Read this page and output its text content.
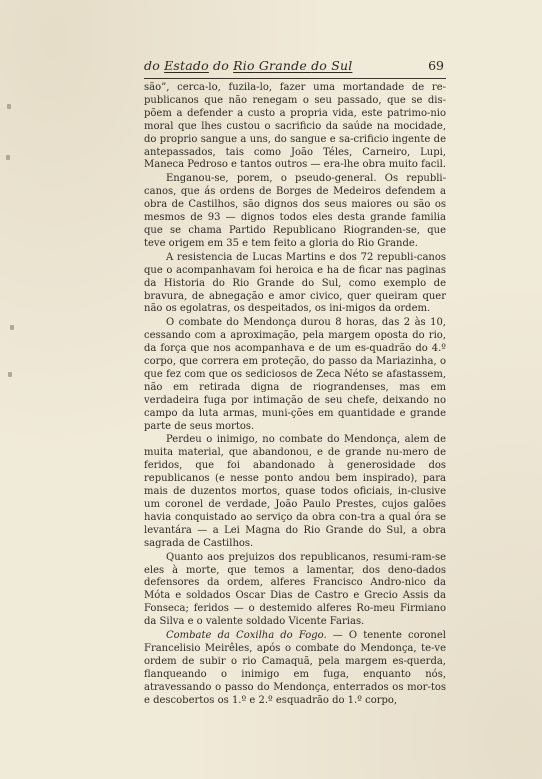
do Estado do Rio Grande do Sul	69

são”, cerca-lo, fuzila-lo, fazer uma mortandade de re-publicanos que não renegam o seu passado, que se dis-põem a defender a custo a propria vida, este patrimo-nio moral que lhes custou o sacrificio da saúde na mocidade, do proprio sangue a uns, do sangue e sa-crificio ingente de antepassados, tais como João Téles, Carneiro, Lupi, Maneca Pedroso e tantos outros — era-lhe obra muito facil.

Enganou-se, porem, o pseudo-general. Os republi-canos, que ás ordens de Borges de Medeiros defendem a obra de Castilhos, são dignos dos seus maiores ou são os mesmos de 93 — dignos todos eles desta grande familia que se chama Partido Republicano Riogranden-se, que teve origem em 35 e tem feito a gloria do Rio Grande.

A resistencia de Lucas Martins e dos 72 republi-canos que o acompanhavam foi heroica e ha de ficar nas paginas da Historia do Rio Grande do Sul, como exemplo de bravura, de abnegação e amor civico, quer queiram quer não os egolatras, os despeitados, os ini-migos da ordem.

O combate do Mendonça durou 8 horas, das 2 às 10, cessando com a aproximação, pela margem oposta do rio, da força que nos acompanhava e de um es-quadrão do 4.º corpo, que correra em proteção, do passo da Mariazinha, o que fez com que os sediciosos de Zeca Néto se afastassem, não em retirada digna de riograndenses, mas em verdadeira fuga por intimação de seu chefe, deixando no campo da luta armas, muni-ções em quantidade e grande parte de seus mortos.

Perdeu o inimigo, no combate do Mendonça, alem de muita material, que abandonou, e de grande nu-mero de feridos, que foi abandonado à generosidade dos republicanos (e nesse ponto andou bem inspirado), para mais de duzentos mortos, quase todos oficiais, in-clusive um coronel de verdade, João Paulo Prestes, cujos galões havia conquistado ao serviço da obra con-tra a qual óra se levantára — a Lei Magna do Rio Grande do Sul, a obra sagrada de Castilhos.

Quanto aos prejuizos dos republicanos, resumi-ram-se eles à morte, que temos a lamentar, dos deno-dados defensores da ordem, alferes Francisco Andro-nico da Móta e soldados Oscar Dias de Castro e Grecio Assis da Fonseca; feridos — o destemido alferes Ro-meu Firmiano da Silva e o valente soldado Vicente Farias.

Combate da Coxilha do Fogo. — O tenente coronel Francelisio Meirêles, após o combate do Mendonça, te-ve ordem de subir o rio Camaquã, pela margem es-querda, flanqueando o inimigo em fuga, enquanto nós, atravessando o passo do Mendonça, enterrados os mor-tos e descobertos os 1.º e 2.º esquadrão do 1.º corpo,
